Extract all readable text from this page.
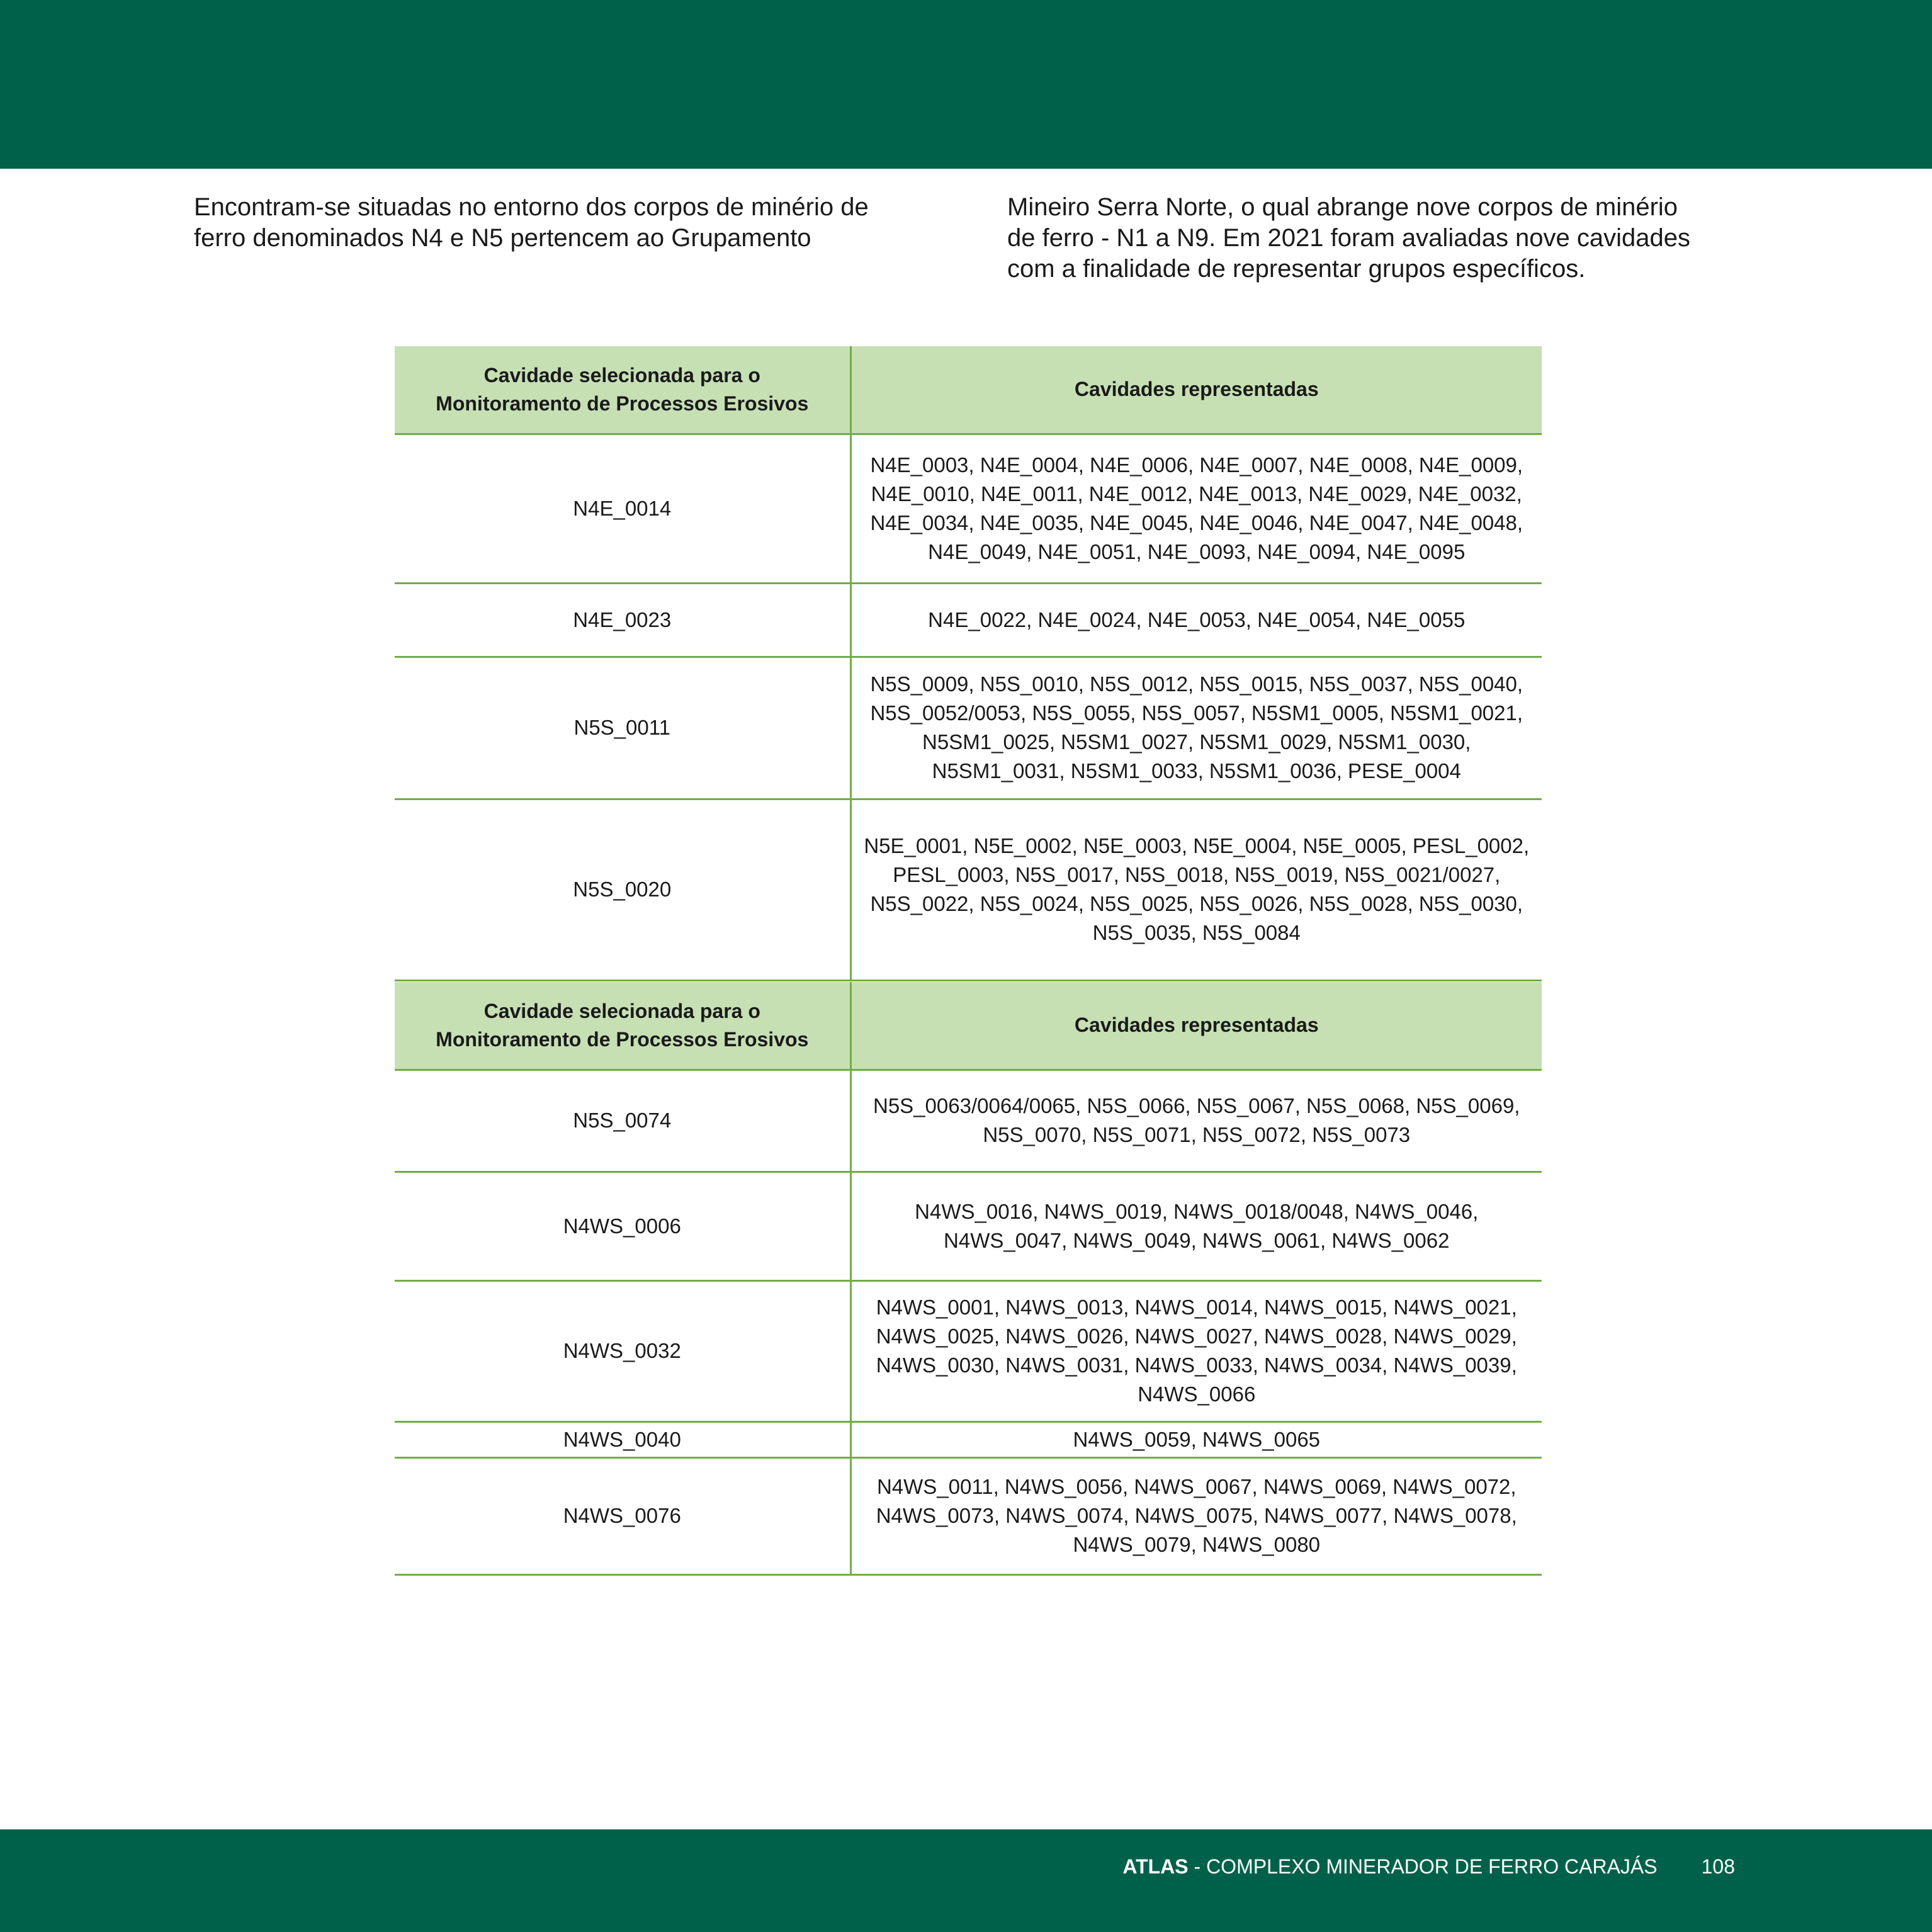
Encontram-se situadas no entorno dos corpos de minério de
ferro denominados N4 e N5 pertencem ao Grupamento
Mineiro Serra Norte, o qual abrange nove corpos de minério
de ferro - N1 a N9. Em 2021 foram avaliadas nove cavidades
com a finalidade de representar grupos específicos.
Cavidade selecionada para o
Monitoramento de Processos Erosivos	Cavidades representadas
N4E_0014	N4E_0003, N4E_0004, N4E_0006, N4E_0007, N4E_0008, N4E_0009,
N4E_0010, N4E_0011, N4E_0012, N4E_0013, N4E_0029, N4E_0032,
N4E_0034, N4E_0035, N4E_0045, N4E_0046, N4E_0047, N4E_0048,
N4E_0049, N4E_0051, N4E_0093, N4E_0094, N4E_0095

N4E_0023	N4E_0022, N4E_0024, N4E_0053, N4E_0054, N4E_0055

N5S_0011	N5S_0009, N5S_0010, N5S_0012, N5S_0015, N5S_0037, N5S_0040,
N5S_0052/0053, N5S_0055, N5S_0057, N5SM1_0005, N5SM1_0021,
N5SM1_0025, N5SM1_0027, N5SM1_0029, N5SM1_0030,
N5SM1_0031, N5SM1_0033, N5SM1_0036, PESE_0004

N5S_0020	N5E_0001, N5E_0002, N5E_0003, N5E_0004, N5E_0005, PESL_0002,
PESL_0003, N5S_0017, N5S_0018, N5S_0019, N5S_0021/0027,
N5S_0022, N5S_0024, N5S_0025, N5S_0026, N5S_0028, N5S_0030,
N5S_0035, N5S_0084
Cavidade selecionada para o
Monitoramento de Processos Erosivos	Cavidades representadas
N5S_0074	N5S_0063/0064/0065, N5S_0066, N5S_0067, N5S_0068, N5S_0069,
N5S_0070, N5S_0071, N5S_0072, N5S_0073

N4WS_0006	N4WS_0016, N4WS_0019, N4WS_0018/0048, N4WS_0046,
N4WS_0047, N4WS_0049, N4WS_0061, N4WS_0062

N4WS_0032	N4WS_0001, N4WS_0013, N4WS_0014, N4WS_0015, N4WS_0021,
N4WS_0025, N4WS_0026, N4WS_0027, N4WS_0028, N4WS_0029,
N4WS_0030, N4WS_0031, N4WS_0033, N4WS_0034, N4WS_0039,
N4WS_0066

N4WS_0040	N4WS_0059, N4WS_0065

N4WS_0076	N4WS_0011, N4WS_0056, N4WS_0067, N4WS_0069, N4WS_0072,
N4WS_0073, N4WS_0074, N4WS_0075, N4WS_0077, N4WS_0078,
N4WS_0079, N4WS_0080
ATLAS - COMPLEXO MINERADOR DE FERRO CARAJÁS 108
